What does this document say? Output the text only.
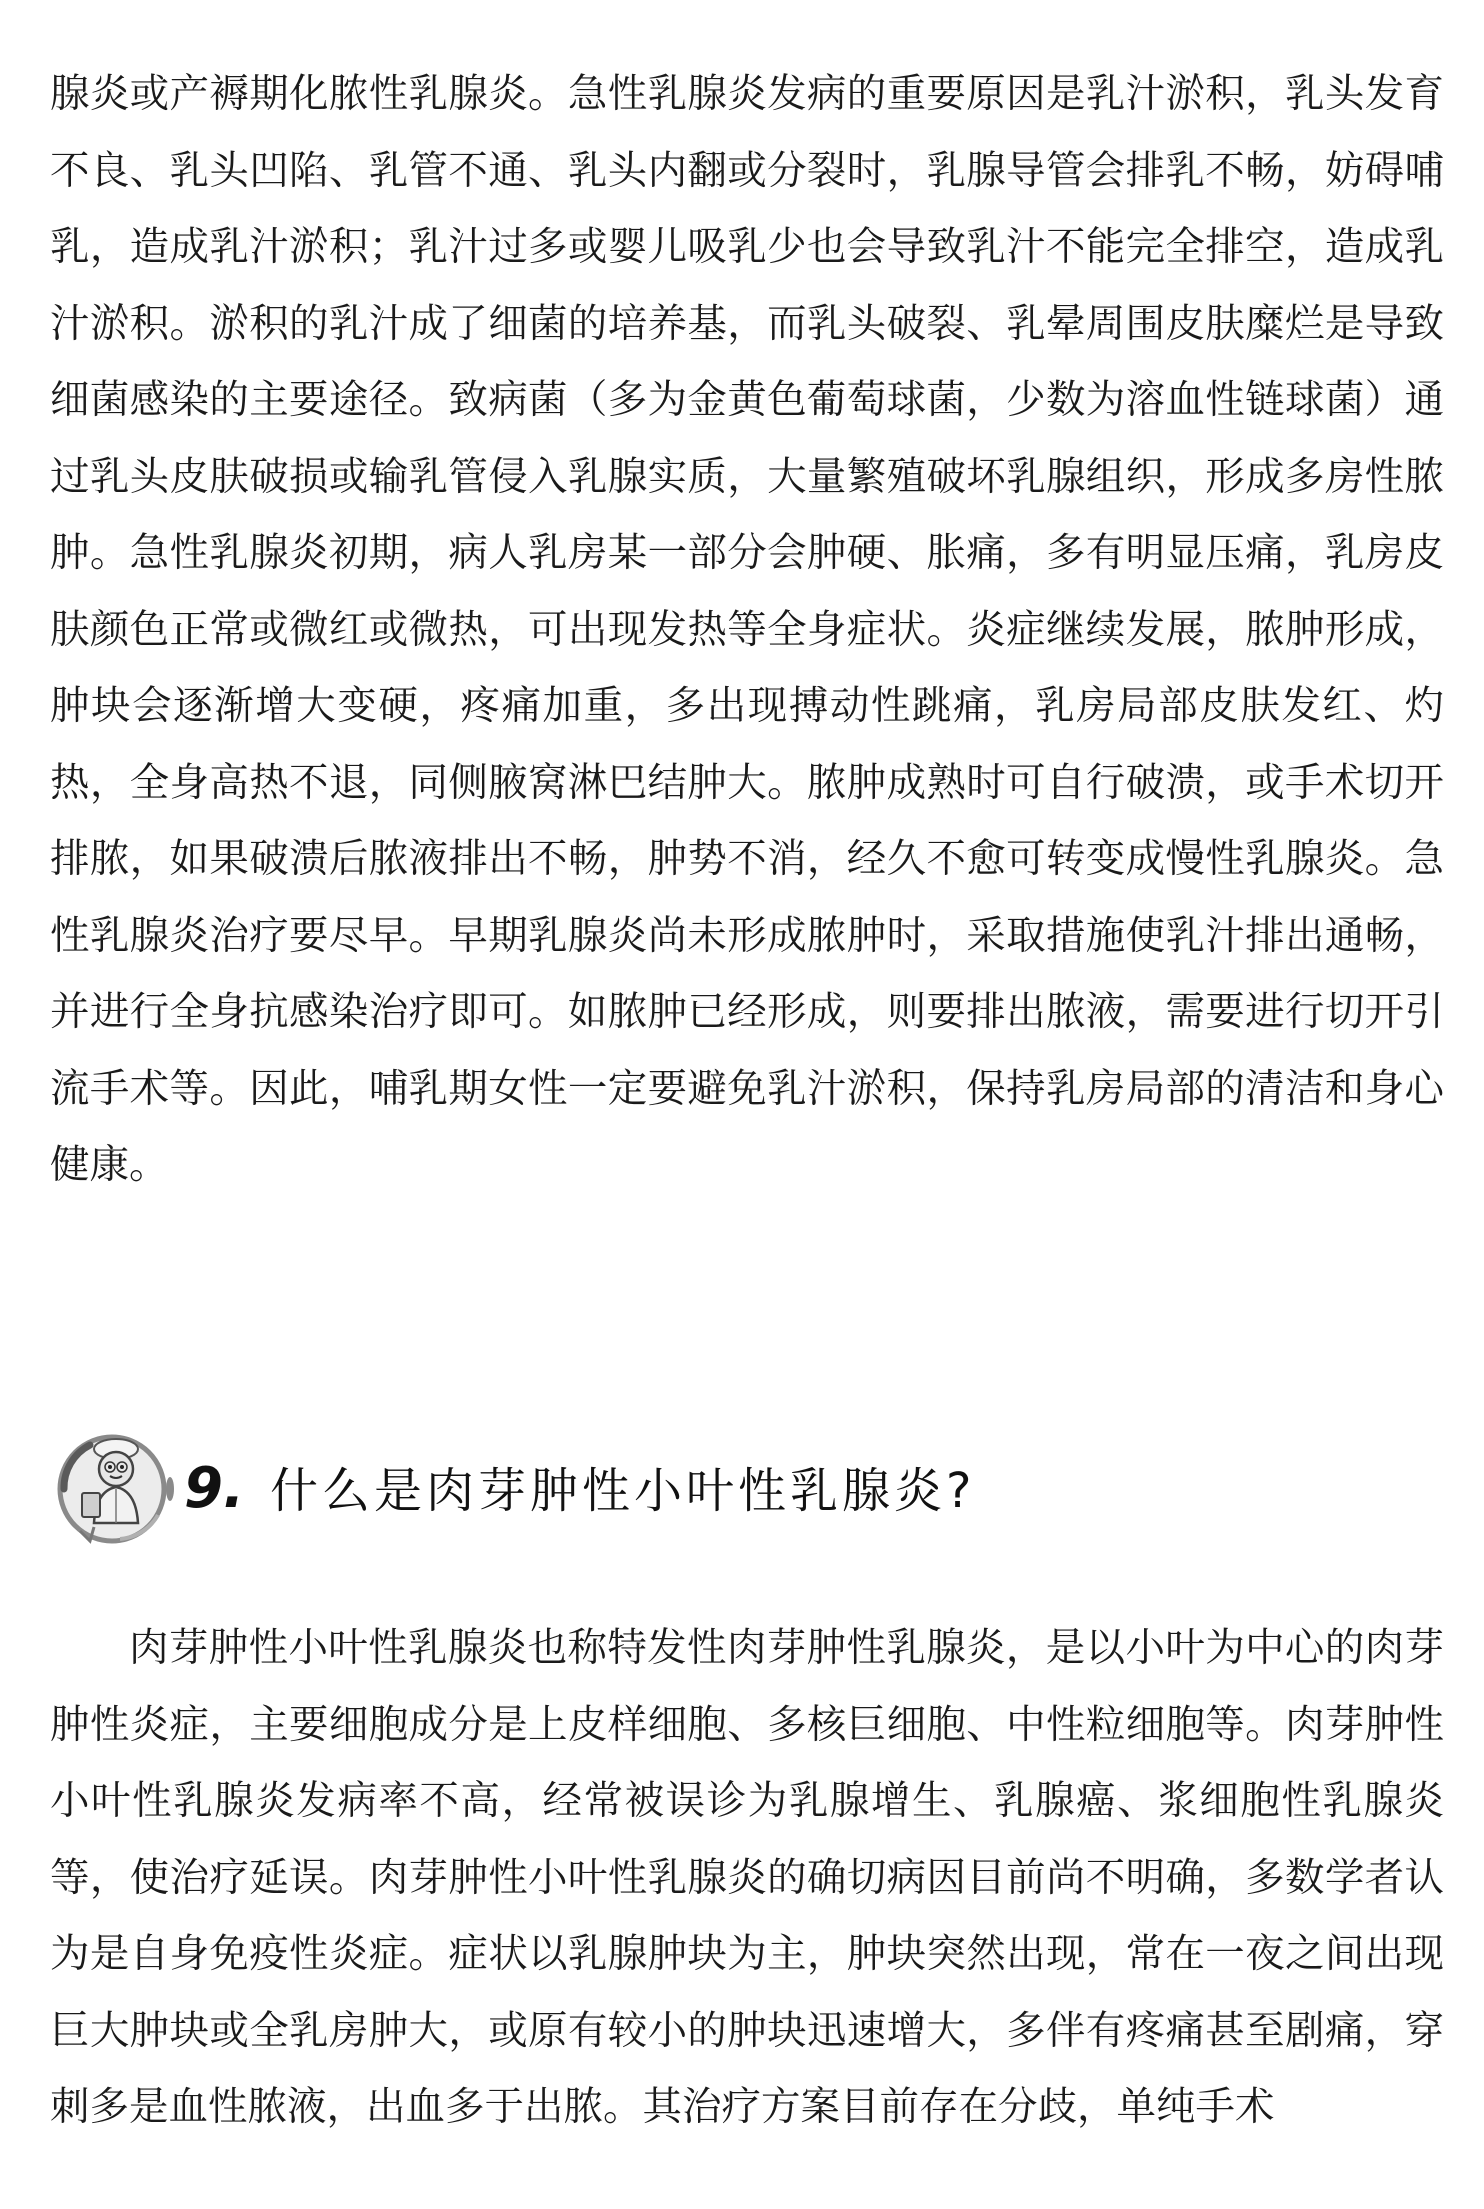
腺炎或产褥期化脓性乳腺炎。急性乳腺炎发病的重要原因是乳汁淤积，乳头发育不良、乳头凹陷、乳管不通、乳头内翻或分裂时，乳腺导管会排乳不畅，妨碍哺乳，造成乳汁淤积；乳汁过多或婴儿吸乳少也会导致乳汁不能完全排空，造成乳汁淤积。淤积的乳汁成了细菌的培养基，而乳头破裂、乳晕周围皮肤糜烂是导致细菌感染的主要途径。致病菌（多为金黄色葡萄球菌，少数为溶血性链球菌）通过乳头皮肤破损或输乳管侵入乳腺实质，大量繁殖破坏乳腺组织，形成多房性脓肿。急性乳腺炎初期，病人乳房某一部分会肿硬、胀痛，多有明显压痛，乳房皮肤颜色正常或微红或微热，可出现发热等全身症状。炎症继续发展，脓肿形成，肿块会逐渐增大变硬，疼痛加重，多出现搏动性跳痛，乳房局部皮肤发红、灼热，全身高热不退，同侧腋窝淋巴结肿大。脓肿成熟时可自行破溃，或手术切开排脓，如果破溃后脓液排出不畅，肿势不消，经久不愈可转变成慢性乳腺炎。急性乳腺炎治疗要尽早。早期乳腺炎尚未形成脓肿时，采取措施使乳汁排出通畅，并进行全身抗感染治疗即可。如脓肿已经形成，则要排出脓液，需要进行切开引流手术等。因此，哺乳期女性一定要避免乳汁淤积，保持乳房局部的清洁和身心健康。

9. 什么是肉芽肿性小叶性乳腺炎?

肉芽肿性小叶性乳腺炎也称特发性肉芽肿性乳腺炎，是以小叶为中心的肉芽肿性炎症，主要细胞成分是上皮样细胞、多核巨细胞、中性粒细胞等。肉芽肿性小叶性乳腺炎发病率不高，经常被误诊为乳腺增生、乳腺癌、浆细胞性乳腺炎等，使治疗延误。肉芽肿性小叶性乳腺炎的确切病因目前尚不明确，多数学者认为是自身免疫性炎症。症状以乳腺肿块为主，肿块突然出现，常在一夜之间出现巨大肿块或全乳房肿大，或原有较小的肿块迅速增大，多伴有疼痛甚至剧痛，穿刺多是血性脓液，出血多于出脓。其治疗方案目前存在分歧，单纯手术
